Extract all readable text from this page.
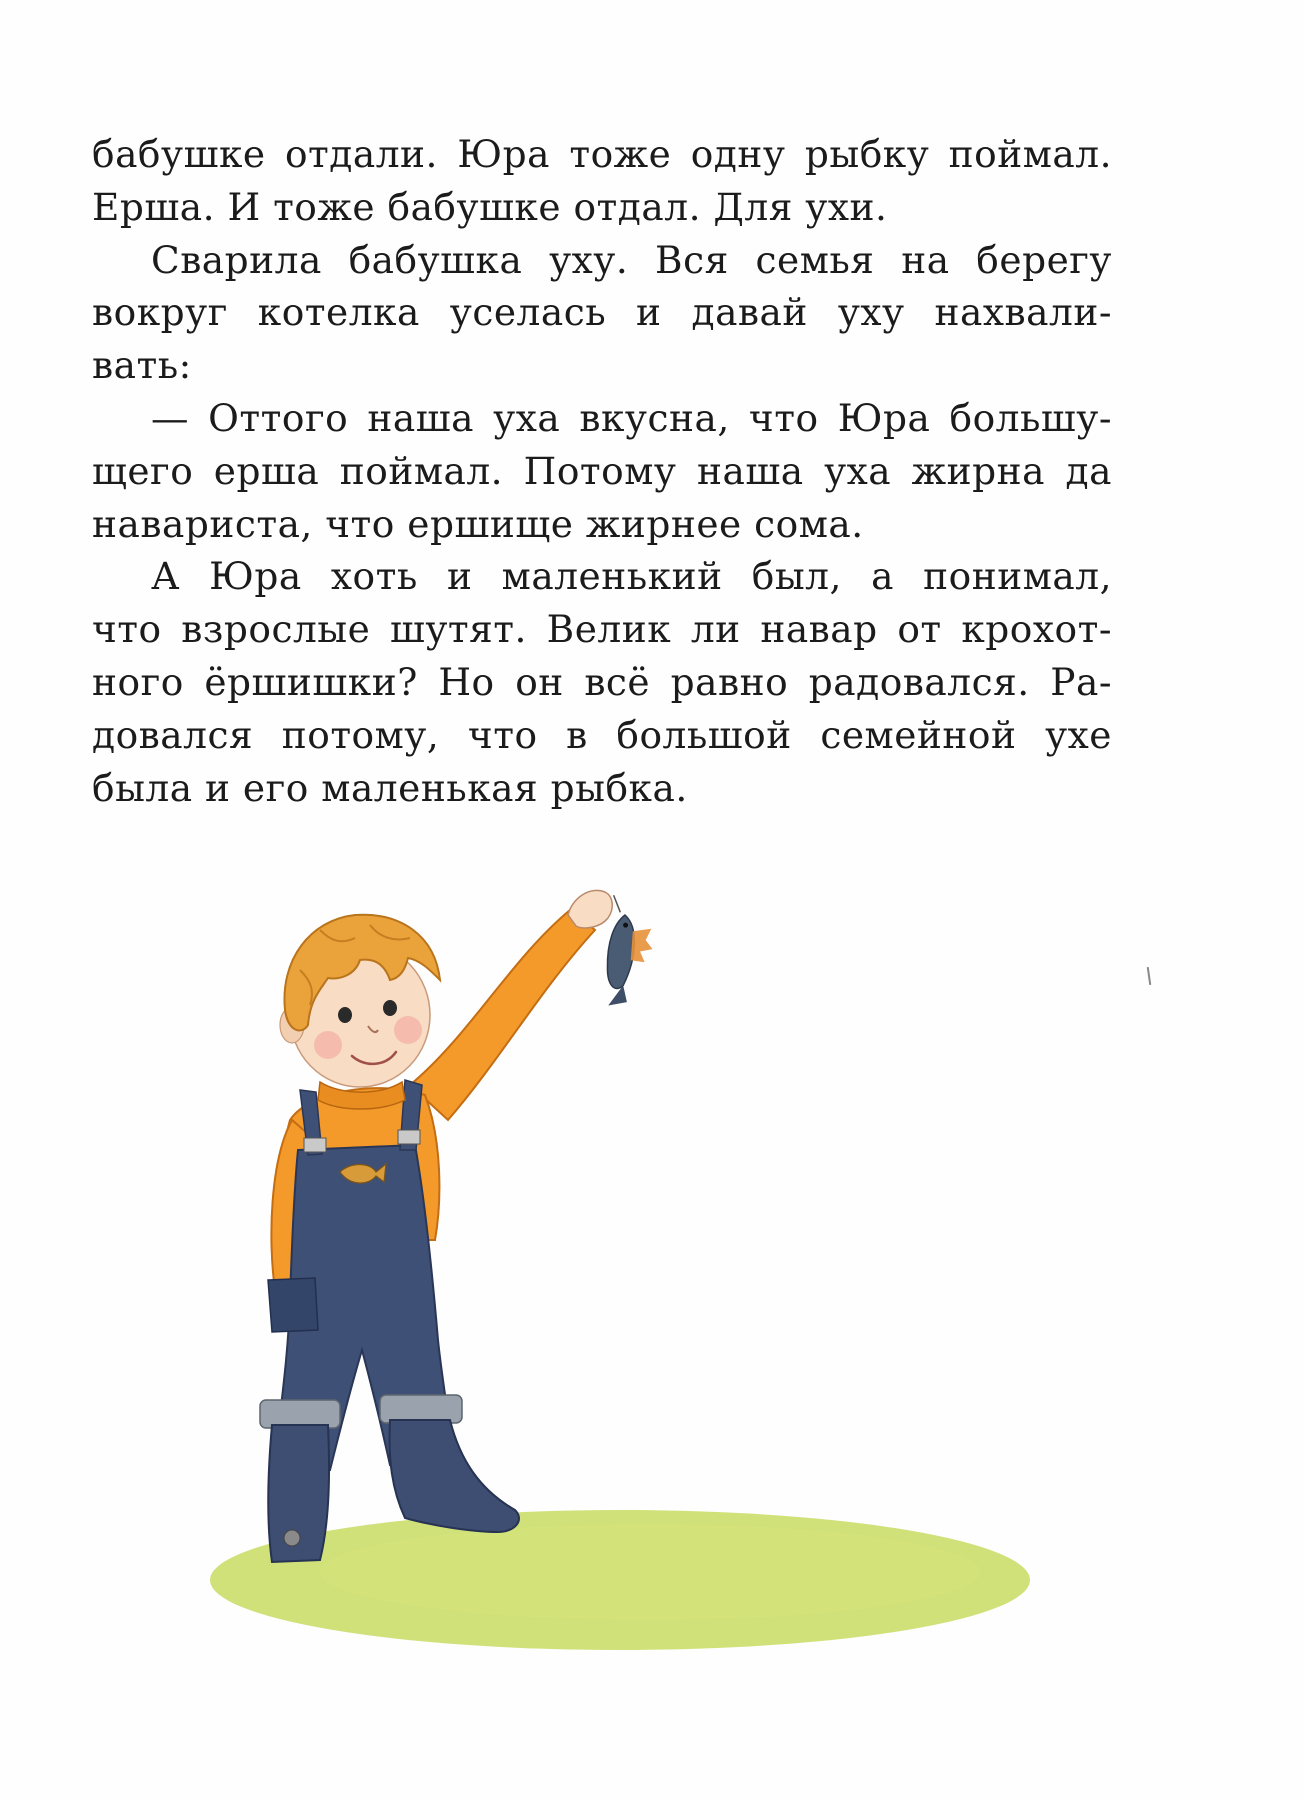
бабушке отдали. Юра тоже одну рыбку поймал.
Ерша. И тоже бабушке отдал. Для ухи.
Сварила бабушка уху. Вся семья на берегу
вокруг котелка уселась и давай уху нахвали-
вать:
— Оттого наша уха вкусна, что Юра большу-
щего ерша поймал. Потому наша уха жирна да
навариста, что ершище жирнее сома.
А Юра хоть и маленький был, а понимал,
что взрослые шутят. Велик ли навар от крохот-
ного ёршишки? Но он всё равно радовался. Ра-
довался потому, что в большой семейной ухе
была и его маленькая рыбка.
